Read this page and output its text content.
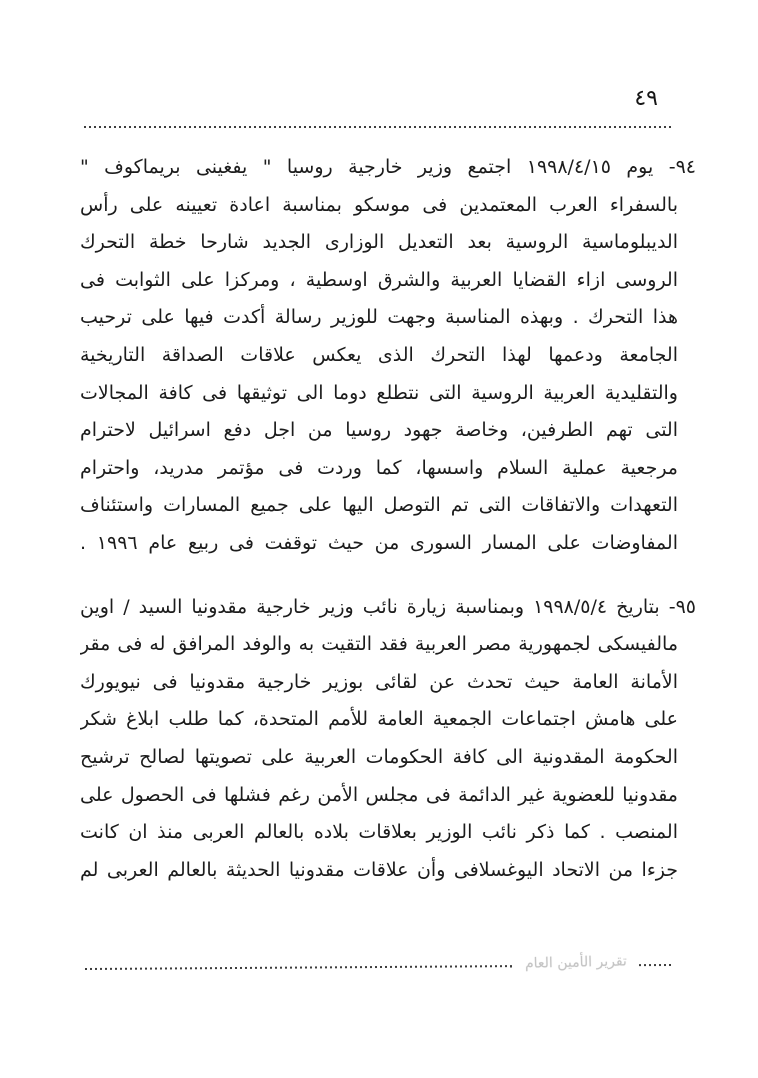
٤٩
٩٤- يوم ١٩٩٨/٤/١٥ اجتمع وزير خارجية روسيا " يفغينى بريماكوف "
بالسفراء العرب المعتمدين فى موسكو بمناسبة اعادة تعيينه على رأس
الديبلوماسية الروسية بعد التعديل الوزارى الجديد شارحا خطة التحرك
الروسى ازاء القضايا العربية والشرق اوسطية ، ومركزا على الثوابت فى
هذا التحرك . وبهذه المناسبة وجهت للوزير رسالة أكدت فيها على ترحيب
الجامعة ودعمها لهذا التحرك الذى يعكس علاقات الصداقة التاريخية
والتقليدية العربية الروسية التى نتطلع دوما الى توثيقها فى كافة المجالات
التى تهم الطرفين، وخاصة جهود روسيا من اجل دفع اسرائيل لاحترام
مرجعية عملية السلام واسسها، كما وردت فى مؤتمر مدريد، واحترام
التعهدات والاتفاقات التى تم التوصل اليها على جميع المسارات واستئناف
المفاوضات على المسار السورى من حيث توقفت فى ربيع عام ١٩٩٦ .
٩٥- بتاريخ ١٩٩٨/٥/٤ وبمناسبة زيارة نائب وزير خارجية مقدونيا السيد / اوين
مالفيسكى لجمهورية مصر العربية فقد التقيت به والوفد المرافق له فى مقر
الأمانة العامة حيث تحدث عن لقائى بوزير خارجية مقدونيا فى نيويورك
على هامش اجتماعات الجمعية العامة للأمم المتحدة، كما طلب ابلاغ شكر
الحكومة المقدونية الى كافة الحكومات العربية على تصويتها لصالح ترشيح
مقدونيا للعضوية غير الدائمة فى مجلس الأمن رغم فشلها فى الحصول على
المنصب . كما ذكر نائب الوزير بعلاقات بلاده بالعالم العربى منذ ان كانت
جزءا من الاتحاد اليوغسلافى وأن علاقات مقدونيا الحديثة بالعالم العربى لم
تقرير الأمين العام
